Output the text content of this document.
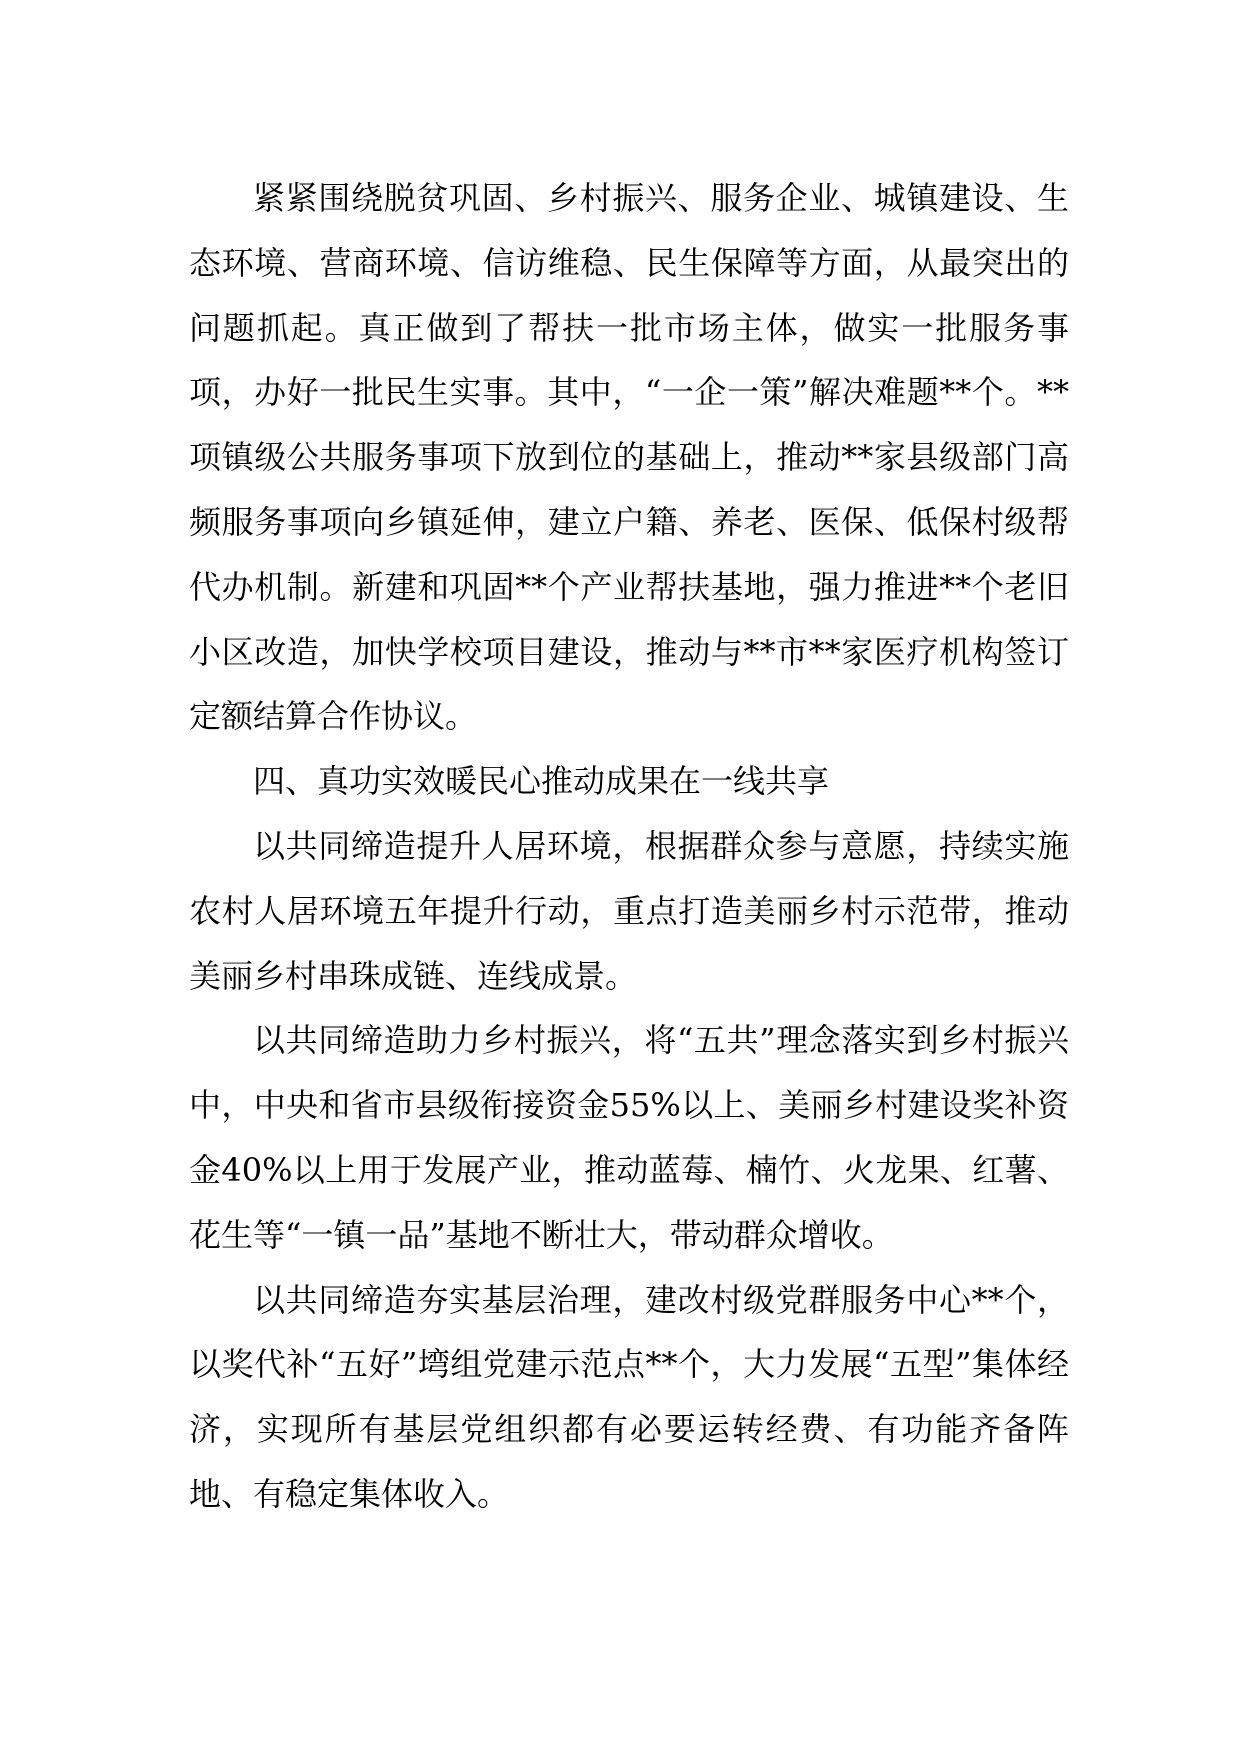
紧紧围绕脱贫巩固、乡村振兴、服务企业、城镇建设、生态环境、营商环境、信访维稳、民生保障等方面，从最突出的问题抓起。真正做到了帮扶一批市场主体，做实一批服务事项，办好一批民生实事。其中，“一企一策”解决难题**个。**项镇级公共服务事项下放到位的基础上，推动**家县级部门高频服务事项向乡镇延伸，建立户籍、养老、医保、低保村级帮代办机制。新建和巩固**个产业帮扶基地，强力推进**个老旧小区改造，加快学校项目建设，推动与**市**家医疗机构签订定额结算合作协议。

四、真功实效暖民心推动成果在一线共享

以共同缔造提升人居环境，根据群众参与意愿，持续实施农村人居环境五年提升行动，重点打造美丽乡村示范带，推动美丽乡村串珠成链、连线成景。

以共同缔造助力乡村振兴，将“五共”理念落实到乡村振兴中，中央和省市县级衔接资金55%以上、美丽乡村建设奖补资金40%以上用于发展产业，推动蓝莓、楠竹、火龙果、红薯、花生等“一镇一品”基地不断壮大，带动群众增收。

以共同缔造夯实基层治理，建改村级党群服务中心**个，以奖代补“五好”塆组党建示范点**个，大力发展“五型”集体经济，实现所有基层党组织都有必要运转经费、有功能齐备阵地、有稳定集体收入。
